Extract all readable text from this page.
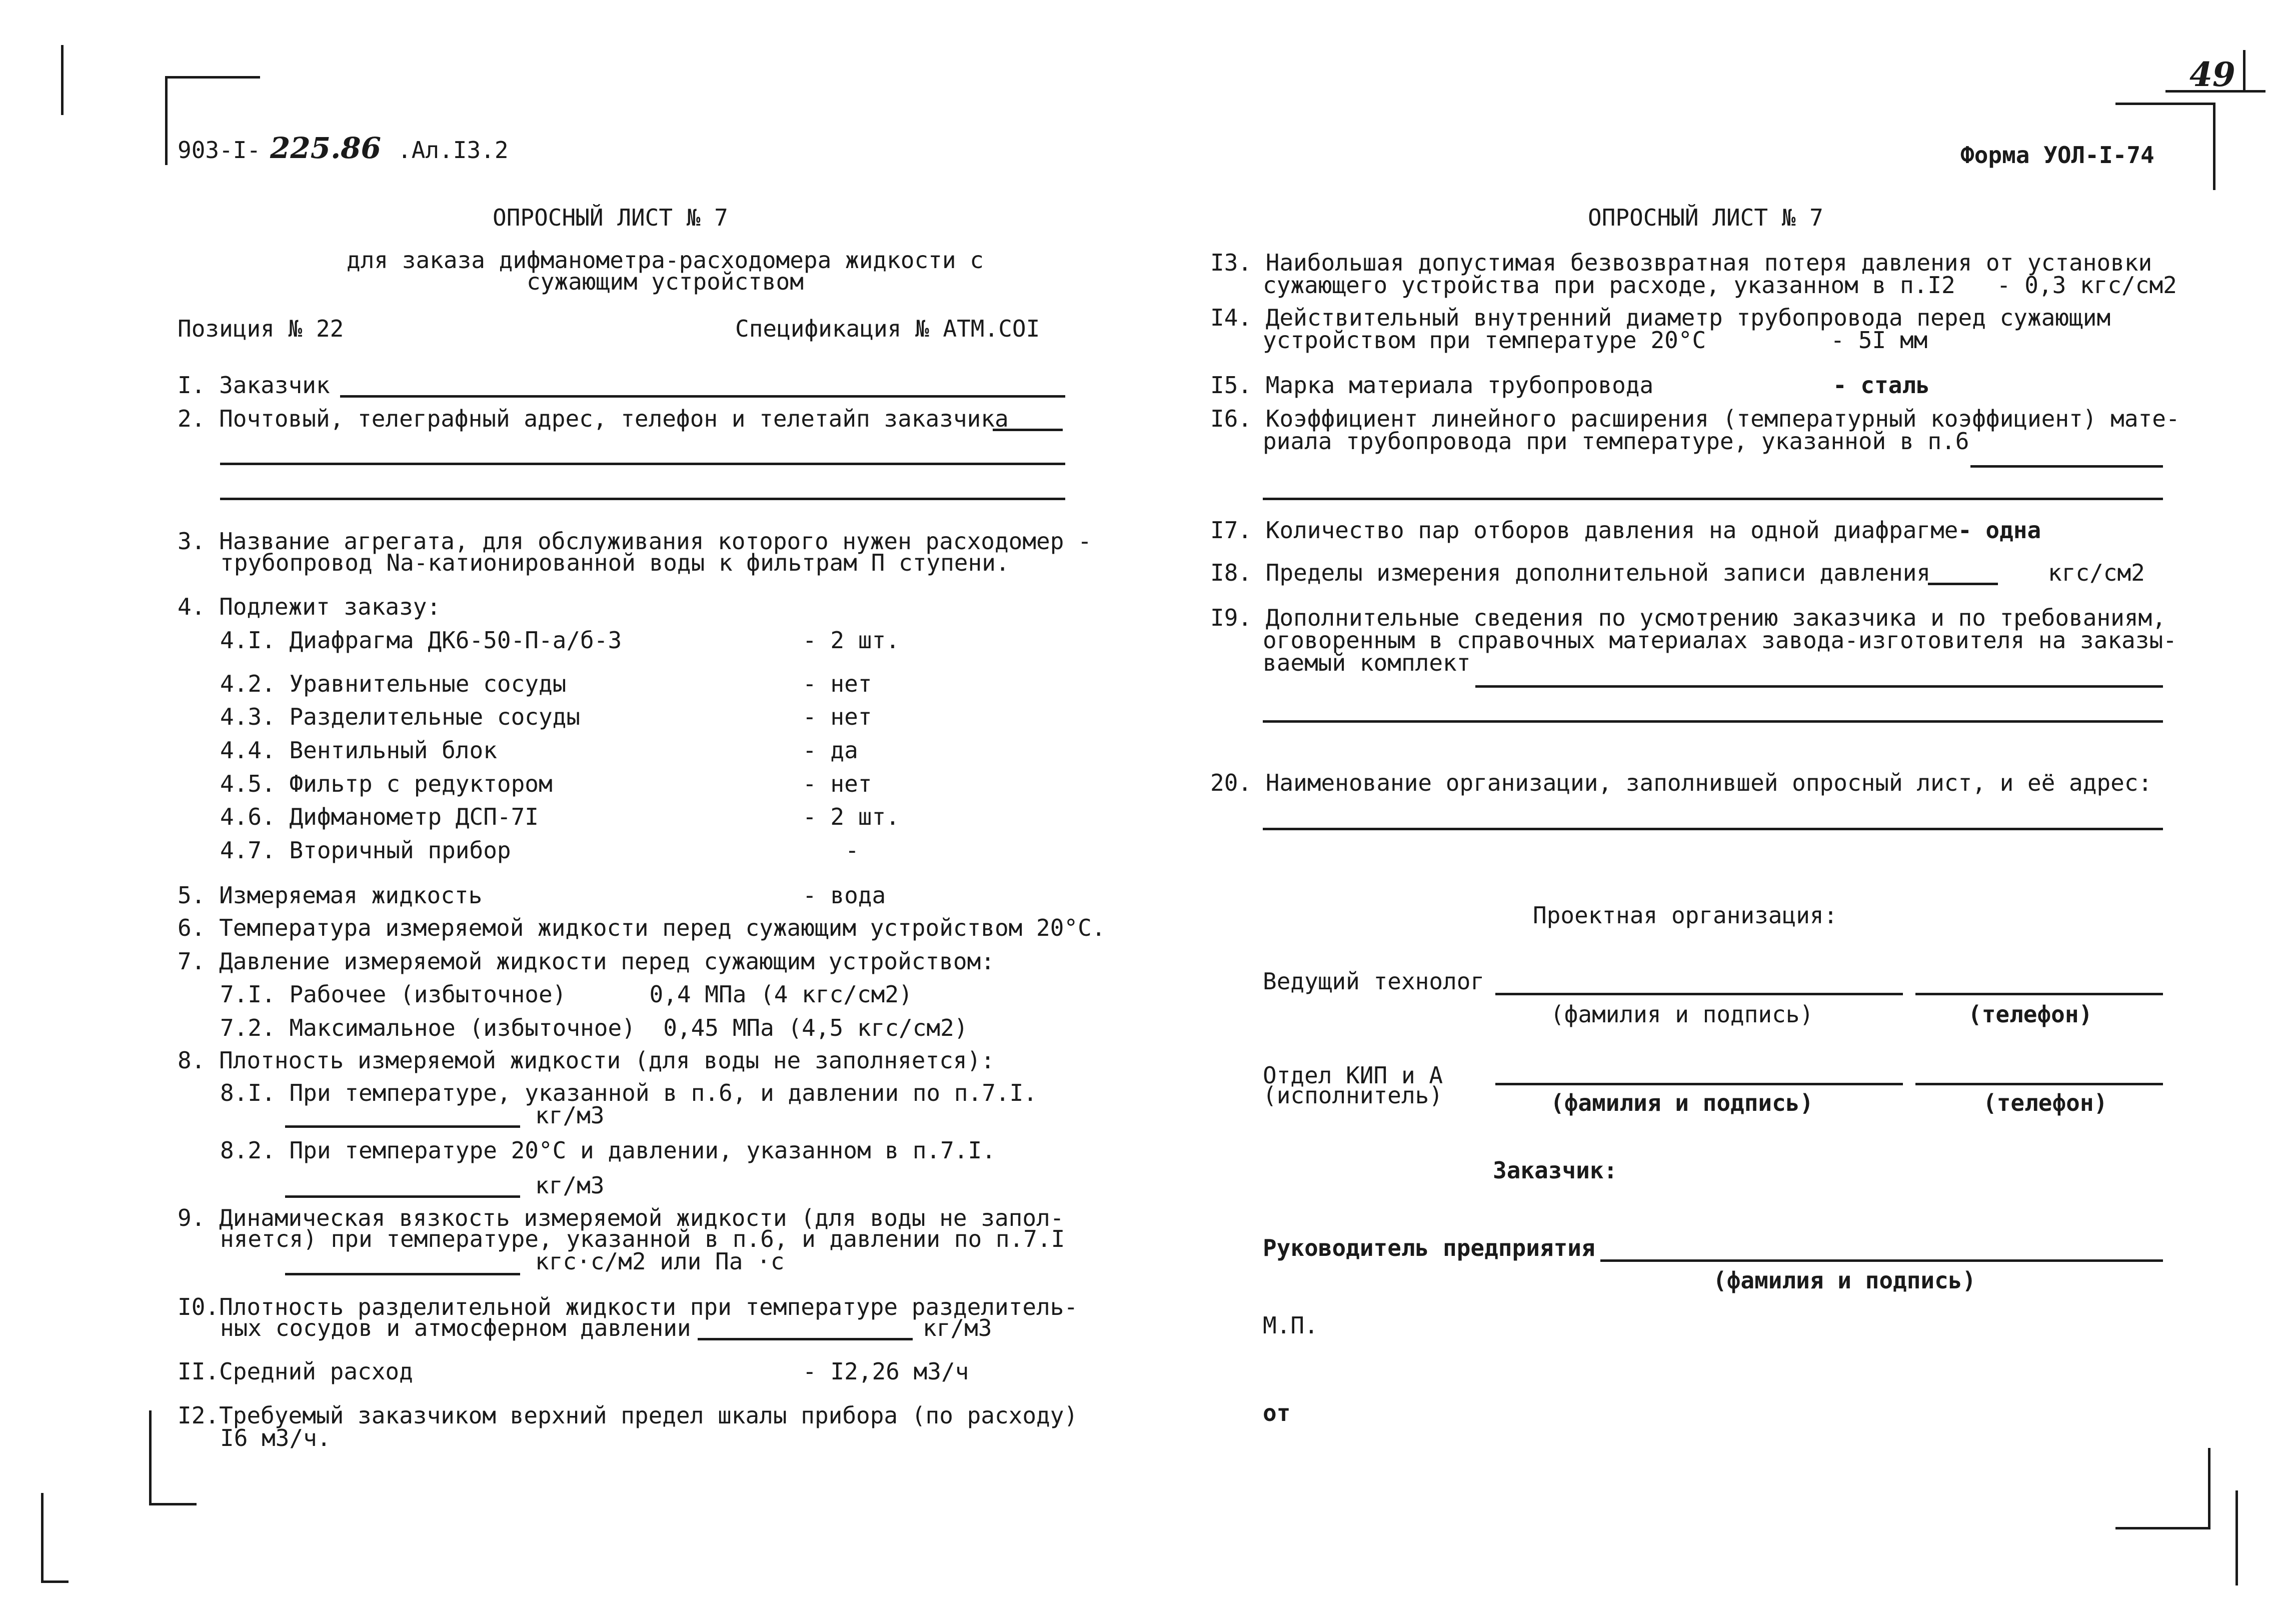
903-I- 225.86 .Ал.I3.2	Форма УОЛ-I-74
49
ОПРОСНЫЙ ЛИСТ № 7
для заказа дифманометра-расходомера жидкости с
сужающим устройством
Позиция № 22	Спецификация № АТМ.СОI
I. Заказчик
2. Почтовый, телеграфный адрес, телефон и телетайп заказчика
3. Название агрегата, для обслуживания которого нужен расходомер -
трубопровод Na-катионированной воды к фильтрам П ступени.
4. Подлежит заказу:
4.I. Диафрагма ДК6-50-П-а/б-3	- 2 шт.
4.2. Уравнительные сосуды	- нет
4.3. Разделительные сосуды	- нет
4.4. Вентильный блок	- да
4.5. Фильтр с редуктором	- нет
4.6. Дифманометр ДСП-7I	- 2 шт.
4.7. Вторичный прибор	-
5. Измеряемая жидкость	- вода
6. Температура измеряемой жидкости перед сужающим устройством 20°С.
7. Давление измеряемой жидкости перед сужающим устройством:
7.I. Рабочее (избыточное)      0,4 МПа (4 кгс/см2)
7.2. Максимальное (избыточное)  0,45 МПа (4,5 кгс/см2)
8. Плотность измеряемой жидкости (для воды не заполняется):
8.I. При температуре, указанной в п.6, и давлении по п.7.I.
кг/м3
8.2. При температуре 20°С и давлении, указанном в п.7.I.
кг/м3
9. Динамическая вязкость измеряемой жидкости (для воды не запол-
няется) при температуре, указанной в п.6, и давлении по п.7.I
кгс·с/м2 или Па ·с
I0.Плотность разделительной жидкости при температуре разделитель-
ных сосудов и атмосферном давлении	кг/м3
II.Средний расход	- I2,26 м3/ч
I2.Требуемый заказчиком верхний предел шкалы прибора (по расходу)
I6 м3/ч.
ОПРОСНЫЙ ЛИСТ № 7
I3. Наибольшая допустимая безвозвратная потеря давления от установки
сужающего устройства при расходе, указанном в п.I2   - 0,3 кгс/см2
I4. Действительный внутренний диаметр трубопровода перед сужающим
устройством при температуре 20°С         - 5I мм
I5. Марка материала трубопровода	- сталь
I6. Коэффициент линейного расширения (температурный коэффициент) мате-
риала трубопровода при температуре, указанной в п.6
I7. Количество пар отборов давления на одной диафрагме - одна
I8. Пределы измерения дополнительной записи давления	кгс/см2
I9. Дополнительные сведения по усмотрению заказчика и по требованиям,
оговоренным в справочных материалах завода-изготовителя на заказы-
ваемый комплект
20. Наименование организации, заполнившей опросный лист, и её адрес:
Проектная организация:
Ведущий технолог
(фамилия и подпись)	(телефон)
Отдел КИП и А
(исполнитель)	(фамилия и подпись)	(телефон)
Заказчик:
Руководитель предприятия
(фамилия и подпись)
М.П.
от
